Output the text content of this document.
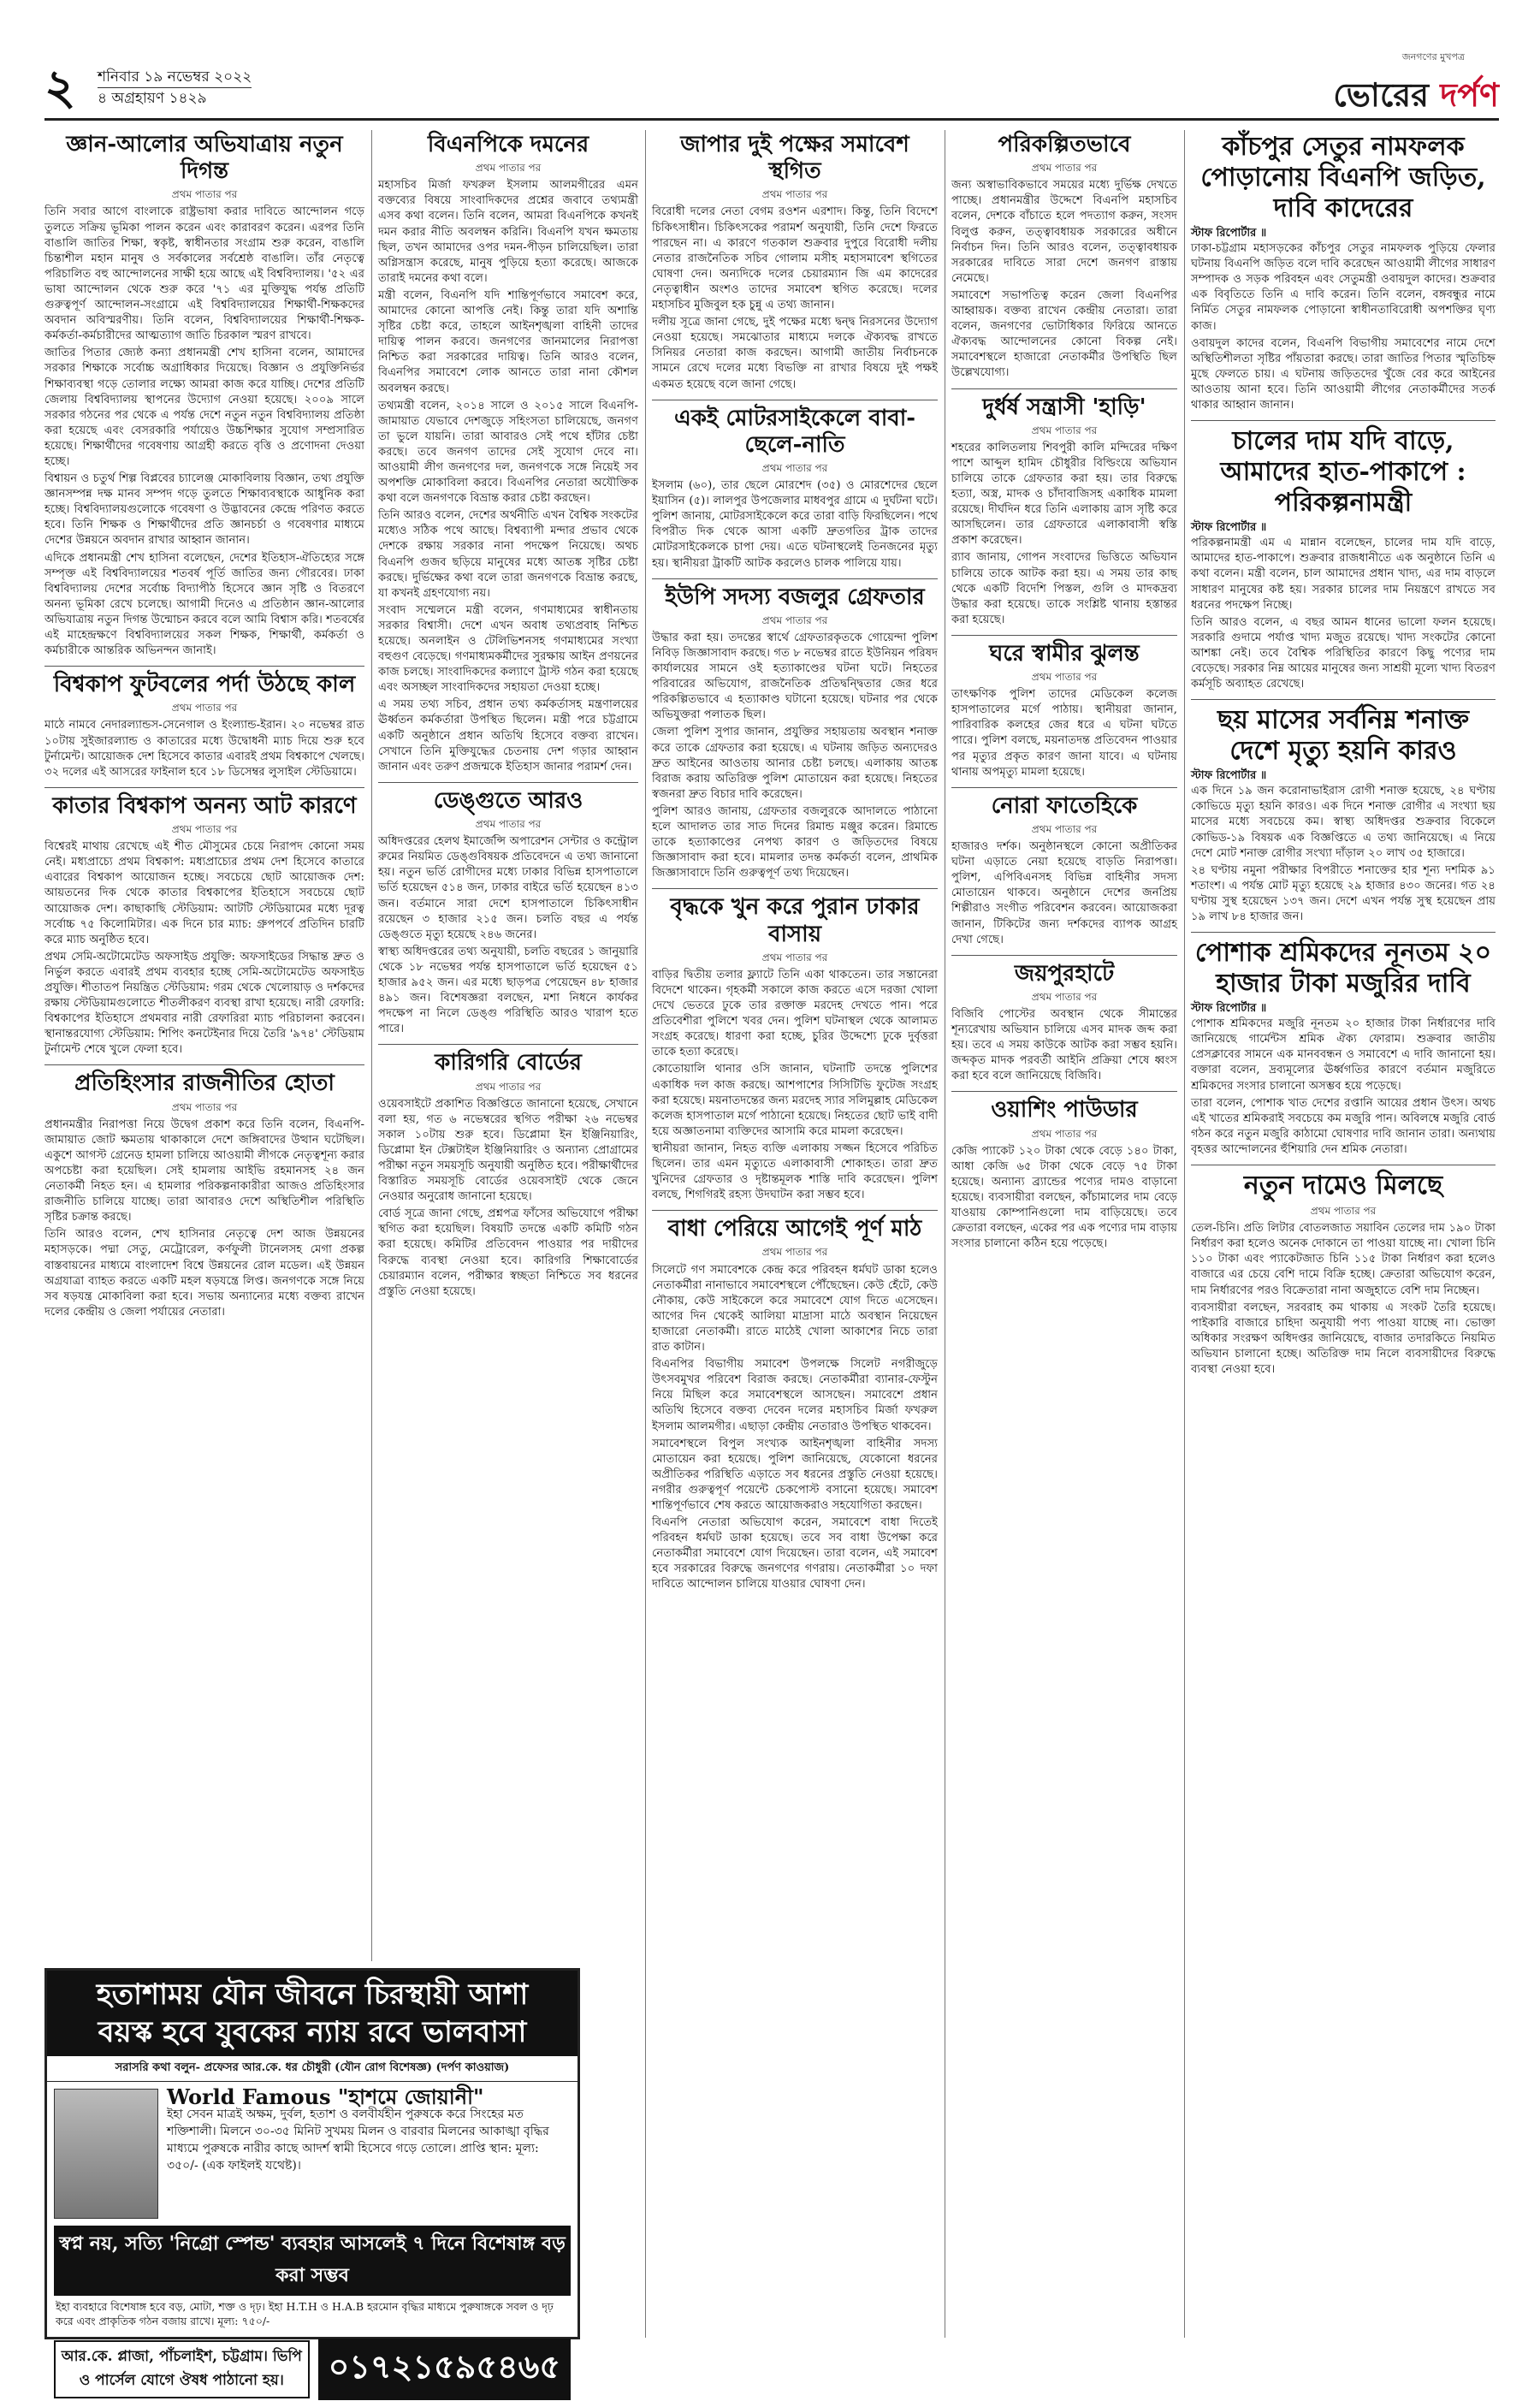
২ শনিবার ১৯ নভেম্বর ২০২২
৪ অগ্রহায়ণ ১৪২৯
জনগণের মুখপত্র
ভোরের দর্পণ
জ্ঞান-আলোর অভিযাত্রায় নতুন দিগন্ত
প্রথম পাতার পর

তিনি সবার আগে বাংলাকে রাষ্ট্রভাষা করার দাবিতে আন্দোলন গড়ে তুলতে সক্রিয় ভূমিকা পালন করেন এবং কারাবরণ করেন। এরপর তিনি বাঙালি জাতির শিক্ষা, স্বকৃষ্ট, স্বাধীনতার সংগ্রাম শুরু করেন, বাঙালি চিন্তাশীল মহান মানুষ ও সর্বকালের সর্বশ্রেষ্ঠ বাঙালি। তাঁর নেতৃত্বে পরিচালিত বহু আন্দোলনের সাক্ষী হয়ে আছে এই বিশ্ববিদ্যালয়। '৫২ এর ভাষা আন্দোলন থেকে শুরু করে '৭১ এর মুক্তিযুদ্ধ পর্যন্ত প্রতিটি গুরুত্বপূর্ণ আন্দোলন-সংগ্রামে এই বিশ্ববিদ্যালয়ের শিক্ষার্থী-শিক্ষকদের অবদান অবিস্মরণীয়। তিনি বলেন, বিশ্ববিদ্যালয়ের শিক্ষার্থী-শিক্ষক-কর্মকর্তা-কর্মচারীদের আত্মত্যাগ জাতি চিরকাল স্মরণ রাখবে।

জাতির পিতার জ্যেষ্ঠ কন্যা প্রধানমন্ত্রী শেখ হাসিনা বলেন, আমাদের সরকার শিক্ষাকে সর্বোচ্চ অগ্রাধিকার দিয়েছে। বিজ্ঞান ও প্রযুক্তিনির্ভর শিক্ষাব্যবস্থা গড়ে তোলার লক্ষ্যে আমরা কাজ করে যাচ্ছি। দেশের প্রতিটি জেলায় বিশ্ববিদ্যালয় স্থাপনের উদ্যোগ নেওয়া হয়েছে। ২০০৯ সালে সরকার গঠনের পর থেকে এ পর্যন্ত দেশে নতুন নতুন বিশ্ববিদ্যালয় প্রতিষ্ঠা করা হয়েছে এবং বেসরকারি পর্যায়েও উচ্চশিক্ষার সুযোগ সম্প্রসারিত হয়েছে। শিক্ষার্থীদের গবেষণায় আগ্রহী করতে বৃত্তি ও প্রণোদনা দেওয়া হচ্ছে।

বিশ্বায়ন ও চতুর্থ শিল্প বিপ্লবের চ্যালেঞ্জ মোকাবিলায় বিজ্ঞান, তথ্য প্রযুক্তি জ্ঞানসম্পন্ন দক্ষ মানব সম্পদ গড়ে তুলতে শিক্ষাব্যবস্থাকে আধুনিক করা হচ্ছে। বিশ্ববিদ্যালয়গুলোকে গবেষণা ও উদ্ভাবনের কেন্দ্রে পরিণত করতে হবে। তিনি শিক্ষক ও শিক্ষার্থীদের প্রতি জ্ঞানচর্চা ও গবেষণার মাধ্যমে দেশের উন্নয়নে অবদান রাখার আহ্বান জানান।

এদিকে প্রধানমন্ত্রী শেখ হাসিনা বলেছেন, দেশের ইতিহাস-ঐতিহ্যের সঙ্গে সম্পৃক্ত এই বিশ্ববিদ্যালয়ের শতবর্ষ পূর্তি জাতির জন্য গৌরবের। ঢাকা বিশ্ববিদ্যালয় দেশের সর্বোচ্চ বিদ্যাপীঠ হিসেবে জ্ঞান সৃষ্টি ও বিতরণে অনন্য ভূমিকা রেখে চলেছে। আগামী দিনেও এ প্রতিষ্ঠান জ্ঞান-আলোর অভিযাত্রায় নতুন দিগন্ত উন্মোচন করবে বলে আমি বিশ্বাস করি। শতবর্ষের এই মাহেন্দ্রক্ষণে বিশ্ববিদ্যালয়ের সকল শিক্ষক, শিক্ষার্থী, কর্মকর্তা ও কর্মচারীকে আন্তরিক অভিনন্দন জানাই।

বিশ্বকাপ ফুটবলের পর্দা উঠছে কাল
প্রথম পাতার পর

মাঠে নামবে নেদারল্যান্ডস-সেনেগাল ও ইংল্যান্ড-ইরান। ২০ নভেম্বর রাত ১০টায় সুইজারল্যান্ড ও কাতারের মধ্যে উদ্বোধনী ম্যাচ দিয়ে শুরু হবে টুর্নামেন্ট। আয়োজক দেশ হিসেবে কাতার এবারই প্রথম বিশ্বকাপে খেলছে। ৩২ দলের এই আসরের ফাইনাল হবে ১৮ ডিসেম্বর লুসাইল স্টেডিয়ামে।

কাতার বিশ্বকাপ অনন্য আট কারণে
প্রথম পাতার পর

বিশ্বেরই মাথায় রেখেছে এই শীত মৌসুমের চেয়ে নিরাপদ কোনো সময় নেই। মধ্যপ্রাচ্যে প্রথম বিশ্বকাপ: মধ্যপ্রাচ্যের প্রথম দেশ হিসেবে কাতারে এবারের বিশ্বকাপ আয়োজন হচ্ছে। সবচেয়ে ছোট আয়োজক দেশ: আয়তনের দিক থেকে কাতার বিশ্বকাপের ইতিহাসে সবচেয়ে ছোট আয়োজক দেশ। কাছাকাছি স্টেডিয়াম: আটটি স্টেডিয়ামের মধ্যে দূরত্ব সর্বোচ্চ ৭৫ কিলোমিটার। এক দিনে চার ম্যাচ: গ্রুপপর্বে প্রতিদিন চারটি করে ম্যাচ অনুষ্ঠিত হবে।

প্রথম সেমি-অটোমেটেড অফসাইড প্রযুক্তি: অফসাইডের সিদ্ধান্ত দ্রুত ও নির্ভুল করতে এবারই প্রথম ব্যবহার হচ্ছে সেমি-অটোমেটেড অফসাইড প্রযুক্তি। শীতাতপ নিয়ন্ত্রিত স্টেডিয়াম: গরম থেকে খেলোয়াড় ও দর্শকদের রক্ষায় স্টেডিয়ামগুলোতে শীতলীকরণ ব্যবস্থা রাখা হয়েছে। নারী রেফারি: বিশ্বকাপের ইতিহাসে প্রথমবার নারী রেফারিরা ম্যাচ পরিচালনা করবেন। স্থানান্তরযোগ্য স্টেডিয়াম: শিপিং কনটেইনার দিয়ে তৈরি '৯৭৪' স্টেডিয়াম টুর্নামেন্ট শেষে খুলে ফেলা হবে।

প্রতিহিংসার রাজনীতির হোতা
প্রথম পাতার পর

প্রধানমন্ত্রীর নিরাপত্তা নিয়ে উদ্বেগ প্রকাশ করে তিনি বলেন, বিএনপি-জামায়াত জোট ক্ষমতায় থাকাকালে দেশে জঙ্গিবাদের উত্থান ঘটেছিল। একুশে আগস্ট গ্রেনেড হামলা চালিয়ে আওয়ামী লীগকে নেতৃত্বশূন্য করার অপচেষ্টা করা হয়েছিল। সেই হামলায় আইভি রহমানসহ ২৪ জন নেতাকর্মী নিহত হন। এ হামলার পরিকল্পনাকারীরা আজও প্রতিহিংসার রাজনীতি চালিয়ে যাচ্ছে। তারা আবারও দেশে অস্থিতিশীল পরিস্থিতি সৃষ্টির চক্রান্ত করছে।

তিনি আরও বলেন, শেখ হাসিনার নেতৃত্বে দেশ আজ উন্নয়নের মহাসড়কে। পদ্মা সেতু, মেট্রোরেল, কর্ণফুলী টানেলসহ মেগা প্রকল্প বাস্তবায়নের মাধ্যমে বাংলাদেশ বিশ্বে উন্নয়নের রোল মডেল। এই উন্নয়ন অগ্রযাত্রা ব্যাহত করতে একটি মহল ষড়যন্ত্রে লিপ্ত। জনগণকে সঙ্গে নিয়ে সব ষড়যন্ত্র মোকাবিলা করা হবে। সভায় অন্যান্যের মধ্যে বক্তব্য রাখেন দলের কেন্দ্রীয় ও জেলা পর্যায়ের নেতারা।

বিএনপিকে দমনের
প্রথম পাতার পর

মহাসচিব মির্জা ফখরুল ইসলাম আলমগীরের এমন বক্তব্যের বিষয়ে সাংবাদিকদের প্রশ্নের জবাবে তথ্যমন্ত্রী এসব কথা বলেন। তিনি বলেন, আমরা বিএনপিকে কখনই দমন করার নীতি অবলম্বন করিনি। বিএনপি যখন ক্ষমতায় ছিল, তখন আমাদের ওপর দমন-পীড়ন চালিয়েছিল। তারা অগ্নিসন্ত্রাস করেছে, মানুষ পুড়িয়ে হত্যা করেছে। আজকে তারাই দমনের কথা বলে।

মন্ত্রী বলেন, বিএনপি যদি শান্তিপূর্ণভাবে সমাবেশ করে, আমাদের কোনো আপত্তি নেই। কিন্তু তারা যদি অশান্তি সৃষ্টির চেষ্টা করে, তাহলে আইনশৃঙ্খলা বাহিনী তাদের দায়িত্ব পালন করবে। জনগণের জানমালের নিরাপত্তা নিশ্চিত করা সরকারের দায়িত্ব। তিনি আরও বলেন, বিএনপির সমাবেশে লোক আনতে তারা নানা কৌশল অবলম্বন করছে।

তথ্যমন্ত্রী বলেন, ২০১৪ সালে ও ২০১৫ সালে বিএনপি-জামায়াত যেভাবে দেশজুড়ে সহিংসতা চালিয়েছে, জনগণ তা ভুলে যায়নি। তারা আবারও সেই পথে হাঁটার চেষ্টা করছে। তবে জনগণ তাদের সেই সুযোগ দেবে না। আওয়ামী লীগ জনগণের দল, জনগণকে সঙ্গে নিয়েই সব অপশক্তি মোকাবিলা করবে। বিএনপির নেতারা অযৌক্তিক কথা বলে জনগণকে বিভ্রান্ত করার চেষ্টা করছেন।

তিনি আরও বলেন, দেশের অর্থনীতি এখন বৈশ্বিক সংকটের মধ্যেও সঠিক পথে আছে। বিশ্বব্যাপী মন্দার প্রভাব থেকে দেশকে রক্ষায় সরকার নানা পদক্ষেপ নিয়েছে। অথচ বিএনপি গুজব ছড়িয়ে মানুষের মধ্যে আতঙ্ক সৃষ্টির চেষ্টা করছে। দুর্ভিক্ষের কথা বলে তারা জনগণকে বিভ্রান্ত করছে, যা কখনই গ্রহণযোগ্য নয়।

সংবাদ সম্মেলনে মন্ত্রী বলেন, গণমাধ্যমের স্বাধীনতায় সরকার বিশ্বাসী। দেশে এখন অবাধ তথ্যপ্রবাহ নিশ্চিত হয়েছে। অনলাইন ও টেলিভিশনসহ গণমাধ্যমের সংখ্যা বহুগুণ বেড়েছে। গণমাধ্যমকর্মীদের সুরক্ষায় আইন প্রণয়নের কাজ চলছে। সাংবাদিকদের কল্যাণে ট্রাস্ট গঠন করা হয়েছে এবং অসচ্ছল সাংবাদিকদের সহায়তা দেওয়া হচ্ছে।

এ সময় তথ্য সচিব, প্রধান তথ্য কর্মকর্তাসহ মন্ত্রণালয়ের ঊর্ধ্বতন কর্মকর্তারা উপস্থিত ছিলেন। মন্ত্রী পরে চট্টগ্রামে একটি অনুষ্ঠানে প্রধান অতিথি হিসেবে বক্তব্য রাখেন। সেখানে তিনি মুক্তিযুদ্ধের চেতনায় দেশ গড়ার আহ্বান জানান এবং তরুণ প্রজন্মকে ইতিহাস জানার পরামর্শ দেন।

ডেঙ্গুতে আরও
প্রথম পাতার পর

অধিদপ্তরের হেলথ ইমার্জেন্সি অপারেশন সেন্টার ও কন্ট্রোল রুমের নিয়মিত ডেঙ্গুবিষয়ক প্রতিবেদনে এ তথ্য জানানো হয়। নতুন ভর্তি রোগীদের মধ্যে ঢাকার বিভিন্ন হাসপাতালে ভর্তি হয়েছেন ৫১৪ জন, ঢাকার বাইরে ভর্তি হয়েছেন ৪১৩ জন। বর্তমানে সারা দেশে হাসপাতালে চিকিৎসাধীন রয়েছেন ৩ হাজার ২১৫ জন। চলতি বছর এ পর্যন্ত ডেঙ্গুতে মৃত্যু হয়েছে ২৪৬ জনের।

স্বাস্থ্য অধিদপ্তরের তথ্য অনুযায়ী, চলতি বছরের ১ জানুয়ারি থেকে ১৮ নভেম্বর পর্যন্ত হাসপাতালে ভর্তি হয়েছেন ৫১ হাজার ৯৫২ জন। এর মধ্যে ছাড়পত্র পেয়েছেন ৪৮ হাজার ৪৯১ জন। বিশেষজ্ঞরা বলছেন, মশা নিধনে কার্যকর পদক্ষেপ না নিলে ডেঙ্গু পরিস্থিতি আরও খারাপ হতে পারে।

কারিগরি বোর্ডের
প্রথম পাতার পর

ওয়েবসাইটে প্রকাশিত বিজ্ঞপ্তিতে জানানো হয়েছে, সেখানে বলা হয়, গত ৬ নভেম্বরের স্থগিত পরীক্ষা ২৬ নভেম্বর সকাল ১০টায় শুরু হবে। ডিপ্লোমা ইন ইঞ্জিনিয়ারিং, ডিপ্লোমা ইন টেক্সটাইল ইঞ্জিনিয়ারিং ও অন্যান্য প্রোগ্রামের পরীক্ষা নতুন সময়সূচি অনুযায়ী অনুষ্ঠিত হবে। পরীক্ষার্থীদের বিস্তারিত সময়সূচি বোর্ডের ওয়েবসাইট থেকে জেনে নেওয়ার অনুরোধ জানানো হয়েছে।

বোর্ড সূত্রে জানা গেছে, প্রশ্নপত্র ফাঁসের অভিযোগে পরীক্ষা স্থগিত করা হয়েছিল। বিষয়টি তদন্তে একটি কমিটি গঠন করা হয়েছে। কমিটির প্রতিবেদন পাওয়ার পর দায়ীদের বিরুদ্ধে ব্যবস্থা নেওয়া হবে। কারিগরি শিক্ষাবোর্ডের চেয়ারম্যান বলেন, পরীক্ষার স্বচ্ছতা নিশ্চিতে সব ধরনের প্রস্তুতি নেওয়া হয়েছে।

জাপার দুই পক্ষের সমাবেশ স্থগিত
প্রথম পাতার পর

বিরোধী দলের নেতা বেগম রওশন এরশাদ। কিন্তু, তিনি বিদেশে চিকিৎসাধীন। চিকিৎসকের পরামর্শ অনুযায়ী, তিনি দেশে ফিরতে পারছেন না। এ কারণে গতকাল শুক্রবার দুপুরে বিরোধী দলীয় নেতার রাজনৈতিক সচিব গোলাম মসীহ মহাসমাবেশ স্থগিতের ঘোষণা দেন। অন্যদিকে দলের চেয়ারম্যান জি এম কাদেরের নেতৃত্বাধীন অংশও তাদের সমাবেশ স্থগিত করেছে। দলের মহাসচিব মুজিবুল হক চুন্নু এ তথ্য জানান।

দলীয় সূত্রে জানা গেছে, দুই পক্ষের মধ্যে দ্বন্দ্ব নিরসনের উদ্যোগ নেওয়া হয়েছে। সমঝোতার মাধ্যমে দলকে ঐক্যবদ্ধ রাখতে সিনিয়র নেতারা কাজ করছেন। আগামী জাতীয় নির্বাচনকে সামনে রেখে দলের মধ্যে বিভক্তি না রাখার বিষয়ে দুই পক্ষই একমত হয়েছে বলে জানা গেছে।

একই মোটরসাইকেলে বাবা-ছেলে-নাতি
প্রথম পাতার পর

ইসলাম (৬০), তার ছেলে মোরশেদ (৩৫) ও মোরশেদের ছেলে ইয়াসিন (৫)। লালপুর উপজেলার মাধবপুর গ্রামে এ দুর্ঘটনা ঘটে। পুলিশ জানায়, মোটরসাইকেলে করে তারা বাড়ি ফিরছিলেন। পথে বিপরীত দিক থেকে আসা একটি দ্রুতগতির ট্রাক তাদের মোটরসাইকেলকে চাপা দেয়। এতে ঘটনাস্থলেই তিনজনের মৃত্যু হয়। স্থানীয়রা ট্রাকটি আটক করলেও চালক পালিয়ে যায়।

ইউপি সদস্য বজলুর গ্রেফতার
প্রথম পাতার পর

উদ্ধার করা হয়। তদন্তের স্বার্থে গ্রেফতারকৃতকে গোয়েন্দা পুলিশ নিবিড় জিজ্ঞাসাবাদ করছে। গত ৮ নভেম্বর রাতে ইউনিয়ন পরিষদ কার্যালয়ের সামনে ওই হত্যাকাণ্ডের ঘটনা ঘটে। নিহতের পরিবারের অভিযোগ, রাজনৈতিক প্রতিদ্বন্দ্বিতার জের ধরে পরিকল্পিতভাবে এ হত্যাকাণ্ড ঘটানো হয়েছে। ঘটনার পর থেকে অভিযুক্তরা পলাতক ছিল।

জেলা পুলিশ সুপার জানান, প্রযুক্তির সহায়তায় অবস্থান শনাক্ত করে তাকে গ্রেফতার করা হয়েছে। এ ঘটনায় জড়িত অন্যদেরও দ্রুত আইনের আওতায় আনার চেষ্টা চলছে। এলাকায় আতঙ্ক বিরাজ করায় অতিরিক্ত পুলিশ মোতায়েন করা হয়েছে। নিহতের স্বজনরা দ্রুত বিচার দাবি করেছেন।

পুলিশ আরও জানায়, গ্রেফতার বজলুরকে আদালতে পাঠানো হলে আদালত তার সাত দিনের রিমান্ড মঞ্জুর করেন। রিমান্ডে তাকে হত্যাকাণ্ডের নেপথ্য কারণ ও জড়িতদের বিষয়ে জিজ্ঞাসাবাদ করা হবে। মামলার তদন্ত কর্মকর্তা বলেন, প্রাথমিক জিজ্ঞাসাবাদে তিনি গুরুত্বপূর্ণ তথ্য দিয়েছেন।

বৃদ্ধকে খুন করে পুরান ঢাকার বাসায়
প্রথম পাতার পর

বাড়ির দ্বিতীয় তলার ফ্ল্যাটে তিনি একা থাকতেন। তার সন্তানেরা বিদেশে থাকেন। গৃহকর্মী সকালে কাজ করতে এসে দরজা খোলা দেখে ভেতরে ঢুকে তার রক্তাক্ত মরদেহ দেখতে পান। পরে প্রতিবেশীরা পুলিশে খবর দেন। পুলিশ ঘটনাস্থল থেকে আলামত সংগ্রহ করেছে। ধারণা করা হচ্ছে, চুরির উদ্দেশ্যে ঢুকে দুর্বৃত্তরা তাকে হত্যা করেছে।

কোতোয়ালি থানার ওসি জানান, ঘটনাটি তদন্তে পুলিশের একাধিক দল কাজ করছে। আশপাশের সিসিটিভি ফুটেজ সংগ্রহ করা হয়েছে। ময়নাতদন্তের জন্য মরদেহ স্যার সলিমুল্লাহ মেডিকেল কলেজ হাসপাতাল মর্গে পাঠানো হয়েছে। নিহতের ছোট ভাই বাদী হয়ে অজ্ঞাতনামা ব্যক্তিদের আসামি করে মামলা করেছেন।

স্থানীয়রা জানান, নিহত ব্যক্তি এলাকায় সজ্জন হিসেবে পরিচিত ছিলেন। তার এমন মৃত্যুতে এলাকাবাসী শোকাহত। তারা দ্রুত খুনিদের গ্রেফতার ও দৃষ্টান্তমূলক শাস্তি দাবি করেছেন। পুলিশ বলছে, শিগগিরই রহস্য উদঘাটন করা সম্ভব হবে।

বাধা পেরিয়ে আগেই পূর্ণ মাঠ
প্রথম পাতার পর

সিলেটে গণ সমাবেশকে কেন্দ্র করে পরিবহন ধর্মঘট ডাকা হলেও নেতাকর্মীরা নানাভাবে সমাবেশস্থলে পৌঁছেছেন। কেউ হেঁটে, কেউ নৌকায়, কেউ সাইকেলে করে সমাবেশে যোগ দিতে এসেছেন। আগের দিন থেকেই আলিয়া মাদ্রাসা মাঠে অবস্থান নিয়েছেন হাজারো নেতাকর্মী। রাতে মাঠেই খোলা আকাশের নিচে তারা রাত কাটান।

বিএনপির বিভাগীয় সমাবেশ উপলক্ষে সিলেট নগরীজুড়ে উৎসবমুখর পরিবেশ বিরাজ করছে। নেতাকর্মীরা ব্যানার-ফেস্টুন নিয়ে মিছিল করে সমাবেশস্থলে আসছেন। সমাবেশে প্রধান অতিথি হিসেবে বক্তব্য দেবেন দলের মহাসচিব মির্জা ফখরুল ইসলাম আলমগীর। এছাড়া কেন্দ্রীয় নেতারাও উপস্থিত থাকবেন।

সমাবেশস্থলে বিপুল সংখ্যক আইনশৃঙ্খলা বাহিনীর সদস্য মোতায়েন করা হয়েছে। পুলিশ জানিয়েছে, যেকোনো ধরনের অপ্রীতিকর পরিস্থিতি এড়াতে সব ধরনের প্রস্তুতি নেওয়া হয়েছে। নগরীর গুরুত্বপূর্ণ পয়েন্টে চেকপোস্ট বসানো হয়েছে। সমাবেশ শান্তিপূর্ণভাবে শেষ করতে আয়োজকরাও সহযোগিতা করছেন।

বিএনপি নেতারা অভিযোগ করেন, সমাবেশে বাধা দিতেই পরিবহন ধর্মঘট ডাকা হয়েছে। তবে সব বাধা উপেক্ষা করে নেতাকর্মীরা সমাবেশে যোগ দিয়েছেন। তারা বলেন, এই সমাবেশ হবে সরকারের বিরুদ্ধে জনগণের গণরায়। নেতাকর্মীরা ১০ দফা দাবিতে আন্দোলন চালিয়ে যাওয়ার ঘোষণা দেন।

পরিকল্পিতভাবে
প্রথম পাতার পর

জন্য অস্বাভাবিকভাবে সময়ের মধ্যে দুর্ভিক্ষ দেখতে পাচ্ছে। প্রধানমন্ত্রীর উদ্দেশে বিএনপি মহাসচিব বলেন, দেশকে বাঁচাতে হলে পদত্যাগ করুন, সংসদ বিলুপ্ত করুন, তত্ত্বাবধায়ক সরকারের অধীনে নির্বাচন দিন। তিনি আরও বলেন, তত্ত্বাবধায়ক সরকারের দাবিতে সারা দেশে জনগণ রাস্তায় নেমেছে।

সমাবেশে সভাপতিত্ব করেন জেলা বিএনপির আহ্বায়ক। বক্তব্য রাখেন কেন্দ্রীয় নেতারা। তারা বলেন, জনগণের ভোটাধিকার ফিরিয়ে আনতে ঐক্যবদ্ধ আন্দোলনের কোনো বিকল্প নেই। সমাবেশস্থলে হাজারো নেতাকর্মীর উপস্থিতি ছিল উল্লেখযোগ্য।

দুর্ধর্ষ সন্ত্রাসী 'হাড়ি'
প্রথম পাতার পর

শহরের কালিতলায় শিবপুরী কালি মন্দিরের দক্ষিণ পাশে আব্দুল হামিদ চৌধুরীর বিল্ডিংয়ে অভিযান চালিয়ে তাকে গ্রেফতার করা হয়। তার বিরুদ্ধে হত্যা, অস্ত্র, মাদক ও চাঁদাবাজিসহ একাধিক মামলা রয়েছে। দীর্ঘদিন ধরে তিনি এলাকায় ত্রাস সৃষ্টি করে আসছিলেন। তার গ্রেফতারে এলাকাবাসী স্বস্তি প্রকাশ করেছেন।

র‍্যাব জানায়, গোপন সংবাদের ভিত্তিতে অভিযান চালিয়ে তাকে আটক করা হয়। এ সময় তার কাছ থেকে একটি বিদেশি পিস্তল, গুলি ও মাদকদ্রব্য উদ্ধার করা হয়েছে। তাকে সংশ্লিষ্ট থানায় হস্তান্তর করা হয়েছে।

ঘরে স্বামীর ঝুলন্ত
প্রথম পাতার পর

তাৎক্ষণিক পুলিশ তাদের মেডিকেল কলেজ হাসপাতালের মর্গে পাঠায়। স্থানীয়রা জানান, পারিবারিক কলহের জের ধরে এ ঘটনা ঘটতে পারে। পুলিশ বলছে, ময়নাতদন্ত প্রতিবেদন পাওয়ার পর মৃত্যুর প্রকৃত কারণ জানা যাবে। এ ঘটনায় থানায় অপমৃত্যু মামলা হয়েছে।

নোরা ফাতেহিকে
প্রথম পাতার পর

হাজারও দর্শক। অনুষ্ঠানস্থলে কোনো অপ্রীতিকর ঘটনা এড়াতে নেয়া হয়েছে বাড়তি নিরাপত্তা। পুলিশ, এপিবিএনসহ বিভিন্ন বাহিনীর সদস্য মোতায়েন থাকবে। অনুষ্ঠানে দেশের জনপ্রিয় শিল্পীরাও সংগীত পরিবেশন করবেন। আয়োজকরা জানান, টিকিটের জন্য দর্শকদের ব্যাপক আগ্রহ দেখা গেছে।

জয়পুরহাটে
প্রথম পাতার পর

বিজিবি পোস্টের অবস্থান থেকে সীমান্তের শূন্যরেখায় অভিযান চালিয়ে এসব মাদক জব্দ করা হয়। তবে এ সময় কাউকে আটক করা সম্ভব হয়নি। জব্দকৃত মাদক পরবর্তী আইনি প্রক্রিয়া শেষে ধ্বংস করা হবে বলে জানিয়েছে বিজিবি।

ওয়াশিং পাউডার
প্রথম পাতার পর

কেজি প্যাকেট ১২০ টাকা থেকে বেড়ে ১৪০ টাকা, আধা কেজি ৬৫ টাকা থেকে বেড়ে ৭৫ টাকা হয়েছে। অন্যান্য ব্র্যান্ডের পণ্যের দামও বাড়ানো হয়েছে। ব্যবসায়ীরা বলছেন, কাঁচামালের দাম বেড়ে যাওয়ায় কোম্পানিগুলো দাম বাড়িয়েছে। তবে ক্রেতারা বলছেন, একের পর এক পণ্যের দাম বাড়ায় সংসার চালানো কঠিন হয়ে পড়েছে।

কাঁচপুর সেতুর নামফলক পোড়ানোয় বিএনপি জড়িত, দাবি কাদেরের
স্টাফ রিপোর্টার ॥

ঢাকা-চট্টগ্রাম মহাসড়কের কাঁচপুর সেতুর নামফলক পুড়িয়ে ফেলার ঘটনায় বিএনপি জড়িত বলে দাবি করেছেন আওয়ামী লীগের সাধারণ সম্পাদক ও সড়ক পরিবহন এবং সেতুমন্ত্রী ওবায়দুল কাদের। শুক্রবার এক বিবৃতিতে তিনি এ দাবি করেন। তিনি বলেন, বঙ্গবন্ধুর নামে নির্মিত সেতুর নামফলক পোড়ানো স্বাধীনতাবিরোধী অপশক্তির ঘৃণ্য কাজ।

ওবায়দুল কাদের বলেন, বিএনপি বিভাগীয় সমাবেশের নামে দেশে অস্থিতিশীলতা সৃষ্টির পাঁয়তারা করছে। তারা জাতির পিতার স্মৃতিচিহ্ন মুছে ফেলতে চায়। এ ঘটনায় জড়িতদের খুঁজে বের করে আইনের আওতায় আনা হবে। তিনি আওয়ামী লীগের নেতাকর্মীদের সতর্ক থাকার আহ্বান জানান।

চালের দাম যদি বাড়ে, আমাদের হাত-পাকাপে : পরিকল্পনামন্ত্রী
স্টাফ রিপোর্টার ॥

পরিকল্পনামন্ত্রী এম এ মান্নান বলেছেন, চালের দাম যদি বাড়ে, আমাদের হাত-পাকাপে। শুক্রবার রাজধানীতে এক অনুষ্ঠানে তিনি এ কথা বলেন। মন্ত্রী বলেন, চাল আমাদের প্রধান খাদ্য, এর দাম বাড়লে সাধারণ মানুষের কষ্ট হয়। সরকার চালের দাম নিয়ন্ত্রণে রাখতে সব ধরনের পদক্ষেপ নিচ্ছে।

তিনি আরও বলেন, এ বছর আমন ধানের ভালো ফলন হয়েছে। সরকারি গুদামে পর্যাপ্ত খাদ্য মজুত রয়েছে। খাদ্য সংকটের কোনো আশঙ্কা নেই। তবে বৈশ্বিক পরিস্থিতির কারণে কিছু পণ্যের দাম বেড়েছে। সরকার নিম্ন আয়ের মানুষের জন্য সাশ্রয়ী মূল্যে খাদ্য বিতরণ কর্মসূচি অব্যাহত রেখেছে।

ছয় মাসের সর্বনিম্ন শনাক্ত দেশে মৃত্যু হয়নি কারও
স্টাফ রিপোর্টার ॥

এক দিনে ১৯ জন করোনাভাইরাস রোগী শনাক্ত হয়েছে, ২৪ ঘণ্টায় কোভিডে মৃত্যু হয়নি কারও। এক দিনে শনাক্ত রোগীর এ সংখ্যা ছয় মাসের মধ্যে সবচেয়ে কম। স্বাস্থ্য অধিদপ্তর শুক্রবার বিকেলে কোভিড-১৯ বিষয়ক এক বিজ্ঞপ্তিতে এ তথ্য জানিয়েছে। এ নিয়ে দেশে মোট শনাক্ত রোগীর সংখ্যা দাঁড়াল ২০ লাখ ৩৫ হাজারে।

২৪ ঘণ্টায় নমুনা পরীক্ষার বিপরীতে শনাক্তের হার শূন্য দশমিক ৯১ শতাংশ। এ পর্যন্ত মোট মৃত্যু হয়েছে ২৯ হাজার ৪৩০ জনের। গত ২৪ ঘণ্টায় সুস্থ হয়েছেন ১৩৭ জন। দেশে এখন পর্যন্ত সুস্থ হয়েছেন প্রায় ১৯ লাখ ৮৪ হাজার জন।

পোশাক শ্রমিকদের নূনতম ২০ হাজার টাকা মজুরির দাবি
স্টাফ রিপোর্টার ॥

পোশাক শ্রমিকদের মজুরি নূনতম ২০ হাজার টাকা নির্ধারণের দাবি জানিয়েছে গার্মেন্টস শ্রমিক ঐক্য ফোরাম। শুক্রবার জাতীয় প্রেসক্লাবের সামনে এক মানববন্ধন ও সমাবেশে এ দাবি জানানো হয়। বক্তারা বলেন, দ্রব্যমূল্যের ঊর্ধ্বগতির কারণে বর্তমান মজুরিতে শ্রমিকদের সংসার চালানো অসম্ভব হয়ে পড়েছে।

তারা বলেন, পোশাক খাত দেশের রপ্তানি আয়ের প্রধান উৎস। অথচ এই খাতের শ্রমিকরাই সবচেয়ে কম মজুরি পান। অবিলম্বে মজুরি বোর্ড গঠন করে নতুন মজুরি কাঠামো ঘোষণার দাবি জানান তারা। অন্যথায় বৃহত্তর আন্দোলনের হুঁশিয়ারি দেন শ্রমিক নেতারা।

নতুন দামেও মিলছে
প্রথম পাতার পর

তেল-চিনি। প্রতি লিটার বোতলজাত সয়াবিন তেলের দাম ১৯০ টাকা নির্ধারণ করা হলেও অনেক দোকানে তা পাওয়া যাচ্ছে না। খোলা চিনি ১১০ টাকা এবং প্যাকেটজাত চিনি ১১৫ টাকা নির্ধারণ করা হলেও বাজারে এর চেয়ে বেশি দামে বিক্রি হচ্ছে। ক্রেতারা অভিযোগ করেন, দাম নির্ধারণের পরও বিক্রেতারা নানা অজুহাতে বেশি দাম নিচ্ছেন।

ব্যবসায়ীরা বলছেন, সরবরাহ কম থাকায় এ সংকট তৈরি হয়েছে। পাইকারি বাজারে চাহিদা অনুযায়ী পণ্য পাওয়া যাচ্ছে না। ভোক্তা অধিকার সংরক্ষণ অধিদপ্তর জানিয়েছে, বাজার তদারকিতে নিয়মিত অভিযান চালানো হচ্ছে। অতিরিক্ত দাম নিলে ব্যবসায়ীদের বিরুদ্ধে ব্যবস্থা নেওয়া হবে।

হতাশাময় যৌন জীবনে চিরস্থায়ী আশা
বয়স্ক হবে যুবকের ন্যায় রবে ভালবাসা
সরাসরি কথা বলুন- প্রফেসর আর.কে. ধর চৌধুরী (যৌন রোগ বিশেষজ্ঞ) (দর্পণ কাওয়াজ)
World Famous "হাশমে জোয়ানী"
ইহা সেবন মাত্রই অক্ষম, দুর্বল, হতাশ ও বলবীর্যহীন পুরুষকে করে সিংহের মত শক্তিশালী। মিলনে ৩০-৩৫ মিনিট সুখময় মিলন ও বারবার মিলনের আকাঙ্খা বৃদ্ধির মাধ্যমে পুরুষকে নারীর কাছে আদর্শ স্বামী হিসেবে গড়ে তোলে। প্রাপ্তি স্থান: মূল্য: ৩৫০/- (এক ফাইলই যথেষ্ট)।
স্বপ্ন নয়, সত্যি 'নিগ্রো স্পেন্ড' ব্যবহার আসলেই ৭ দিনে বিশেষাঙ্গ বড় করা সম্ভব
ইহা ব্যবহারে বিশেষাঙ্গ হবে বড়, মোটা, শক্ত ও দৃঢ়। ইহা H.T.H ও H.A.B হরমোন বৃদ্ধির মাধ্যমে পুরুষাঙ্গকে সবল ও দৃঢ় করে এবং প্রাকৃতিক গঠন বজায় রাখে। মূল্য: ৭৫০/-
আর.কে. প্লাজা, পাঁচলাইশ, চট্টগ্রাম। ভিপি ও পার্সেল যোগে ঔষধ পাঠানো হয়।	০১৭২১৫৯৫৪৬৫
